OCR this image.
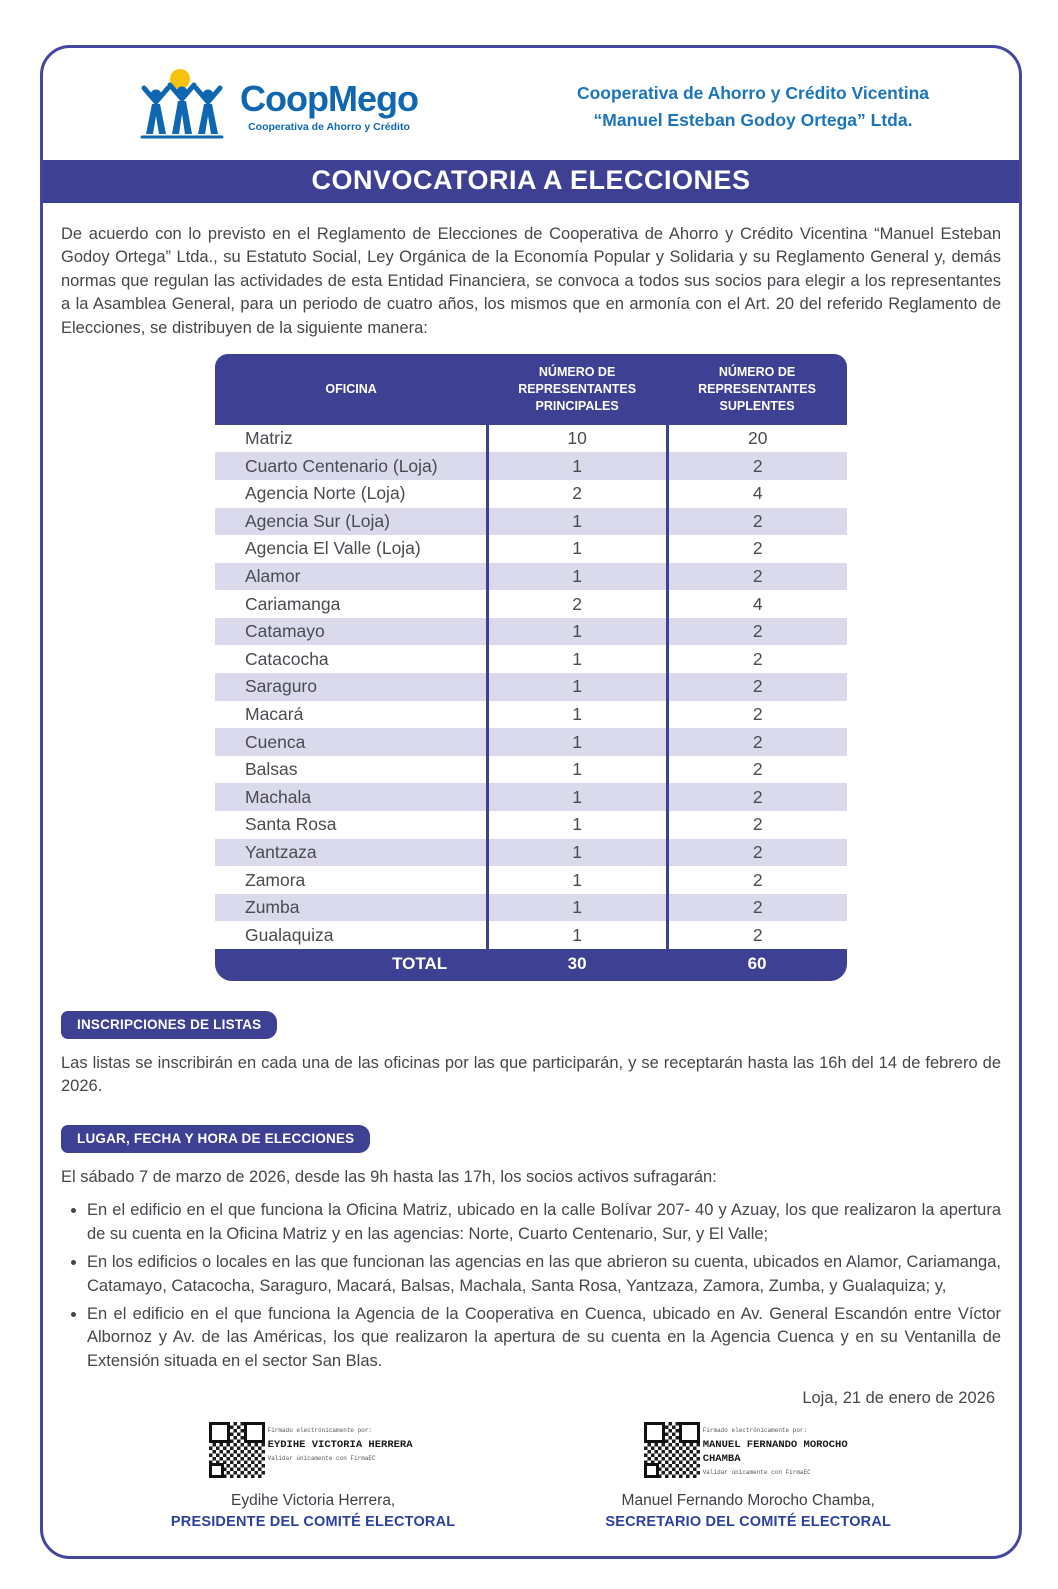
CoopMego
Cooperativa de Ahorro y Crédito
Cooperativa de Ahorro y Crédito Vicentina
“Manuel Esteban Godoy Ortega” Ltda.
CONVOCATORIA A ELECCIONES

De acuerdo con lo previsto en el Reglamento de Elecciones de Cooperativa de Ahorro y Crédito Vicentina “Manuel Esteban Godoy Ortega” Ltda., su Estatuto Social, Ley Orgánica de la Economía Popular y Solidaria y su Reglamento General y, demás normas que regulan las actividades de esta Entidad Financiera, se convoca a todos sus socios para elegir a los representantes a la Asamblea General, para un periodo de cuatro años, los mismos que en armonía con el Art. 20 del referido Reglamento de Elecciones, se distribuyen de la siguiente manera:

OFICINA	NÚMERO DE REPRESENTANTES PRINCIPALES	NÚMERO DE REPRESENTANTES SUPLENTES
Matriz	10	20
Cuarto Centenario (Loja)	1	2
Agencia Norte (Loja)	2	4
Agencia Sur (Loja)	1	2
Agencia El Valle (Loja)	1	2
Alamor	1	2
Cariamanga	2	4
Catamayo	1	2
Catacocha	1	2
Saraguro	1	2
Macará	1	2
Cuenca	1	2
Balsas	1	2
Machala	1	2
Santa Rosa	1	2
Yantzaza	1	2
Zamora	1	2
Zumba	1	2
Gualaquiza	1	2
TOTAL	30	60
INSCRIPCIONES DE LISTAS

Las listas se inscribirán en cada una de las oficinas por las que participarán, y se receptarán hasta las 16h del 14 de febrero de 2026.

LUGAR, FECHA Y HORA DE ELECCIONES

El sábado 7 de marzo de 2026, desde las 9h hasta las 17h, los socios activos sufragarán:

• En el edificio en el que funciona la Oficina Matriz, ubicado en la calle Bolívar 207- 40 y Azuay, los que realizaron la apertura de su cuenta en la Oficina Matriz y en las agencias: Norte, Cuarto Centenario, Sur, y El Valle;
• En los edificios o locales en las que funcionan las agencias en las que abrieron su cuenta, ubicados en Alamor, Cariamanga, Catamayo, Catacocha, Saraguro, Macará, Balsas, Machala, Santa Rosa, Yantzaza, Zamora, Zumba, y Gualaquiza; y,
• En el edificio en el que funciona la Agencia de la Cooperativa en Cuenca, ubicado en Av. General Escandón entre Víctor Albornoz y Av. de las Américas, los que realizaron la apertura de su cuenta en la Agencia Cuenca y en su Ventanilla de Extensión situada en el sector San Blas.
Loja, 21 de enero de 2026
Firmado electrónicamente por:
EYDIHE VICTORIA HERRERA
Validar únicamente con FirmaEC
Eydihe Victoria Herrera,
PRESIDENTE DEL COMITÉ ELECTORAL
Firmado electrónicamente por:
MANUEL FERNANDO MOROCHO CHAMBA
Validar únicamente con FirmaEC
Manuel Fernando Morocho Chamba,
SECRETARIO DEL COMITÉ ELECTORAL
